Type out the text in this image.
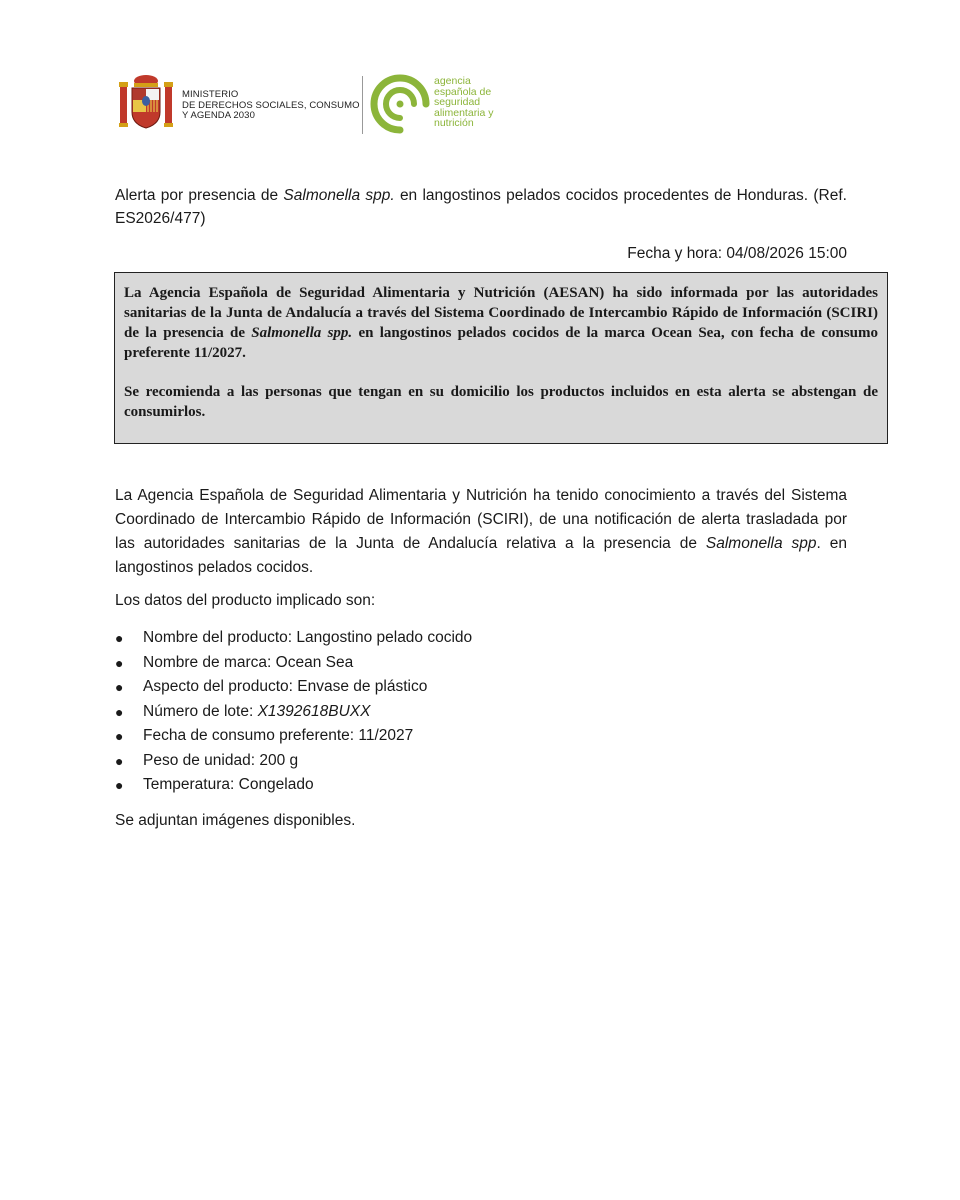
MINISTERIO
DE DERECHOS SOCIALES, CONSUMO
Y AGENDA 2030
agencia
española de
seguridad
alimentaria y
nutrición
Alerta por presencia de Salmonella spp. en langostinos pelados cocidos procedentes de Honduras. (Ref. ES2026/477)
Fecha y hora: 04/08/2026 15:00

La Agencia Española de Seguridad Alimentaria y Nutrición (AESAN) ha sido informada por las autoridades sanitarias de la Junta de Andalucía a través del Sistema Coordinado de Intercambio Rápido de Información (SCIRI) de la presencia de Salmonella spp. en langostinos pelados cocidos de la marca Ocean Sea, con fecha de consumo preferente 11/2027.

Se recomienda a las personas que tengan en su domicilio los productos incluidos en esta alerta se abstengan de consumirlos.

La Agencia Española de Seguridad Alimentaria y Nutrición ha tenido conocimiento a través del Sistema Coordinado de Intercambio Rápido de Información (SCIRI), de una notificación de alerta trasladada por las autoridades sanitarias de la Junta de Andalucía relativa a la presencia de Salmonella spp. en langostinos pelados cocidos.

Los datos del producto implicado son:
● Nombre del producto: Langostino pelado cocido
● Nombre de marca: Ocean Sea
● Aspecto del producto: Envase de plástico
● Número de lote: X1392618BUXX
● Fecha de consumo preferente: 11/2027
● Peso de unidad: 200 g
● Temperatura: Congelado
Se adjuntan imágenes disponibles.
